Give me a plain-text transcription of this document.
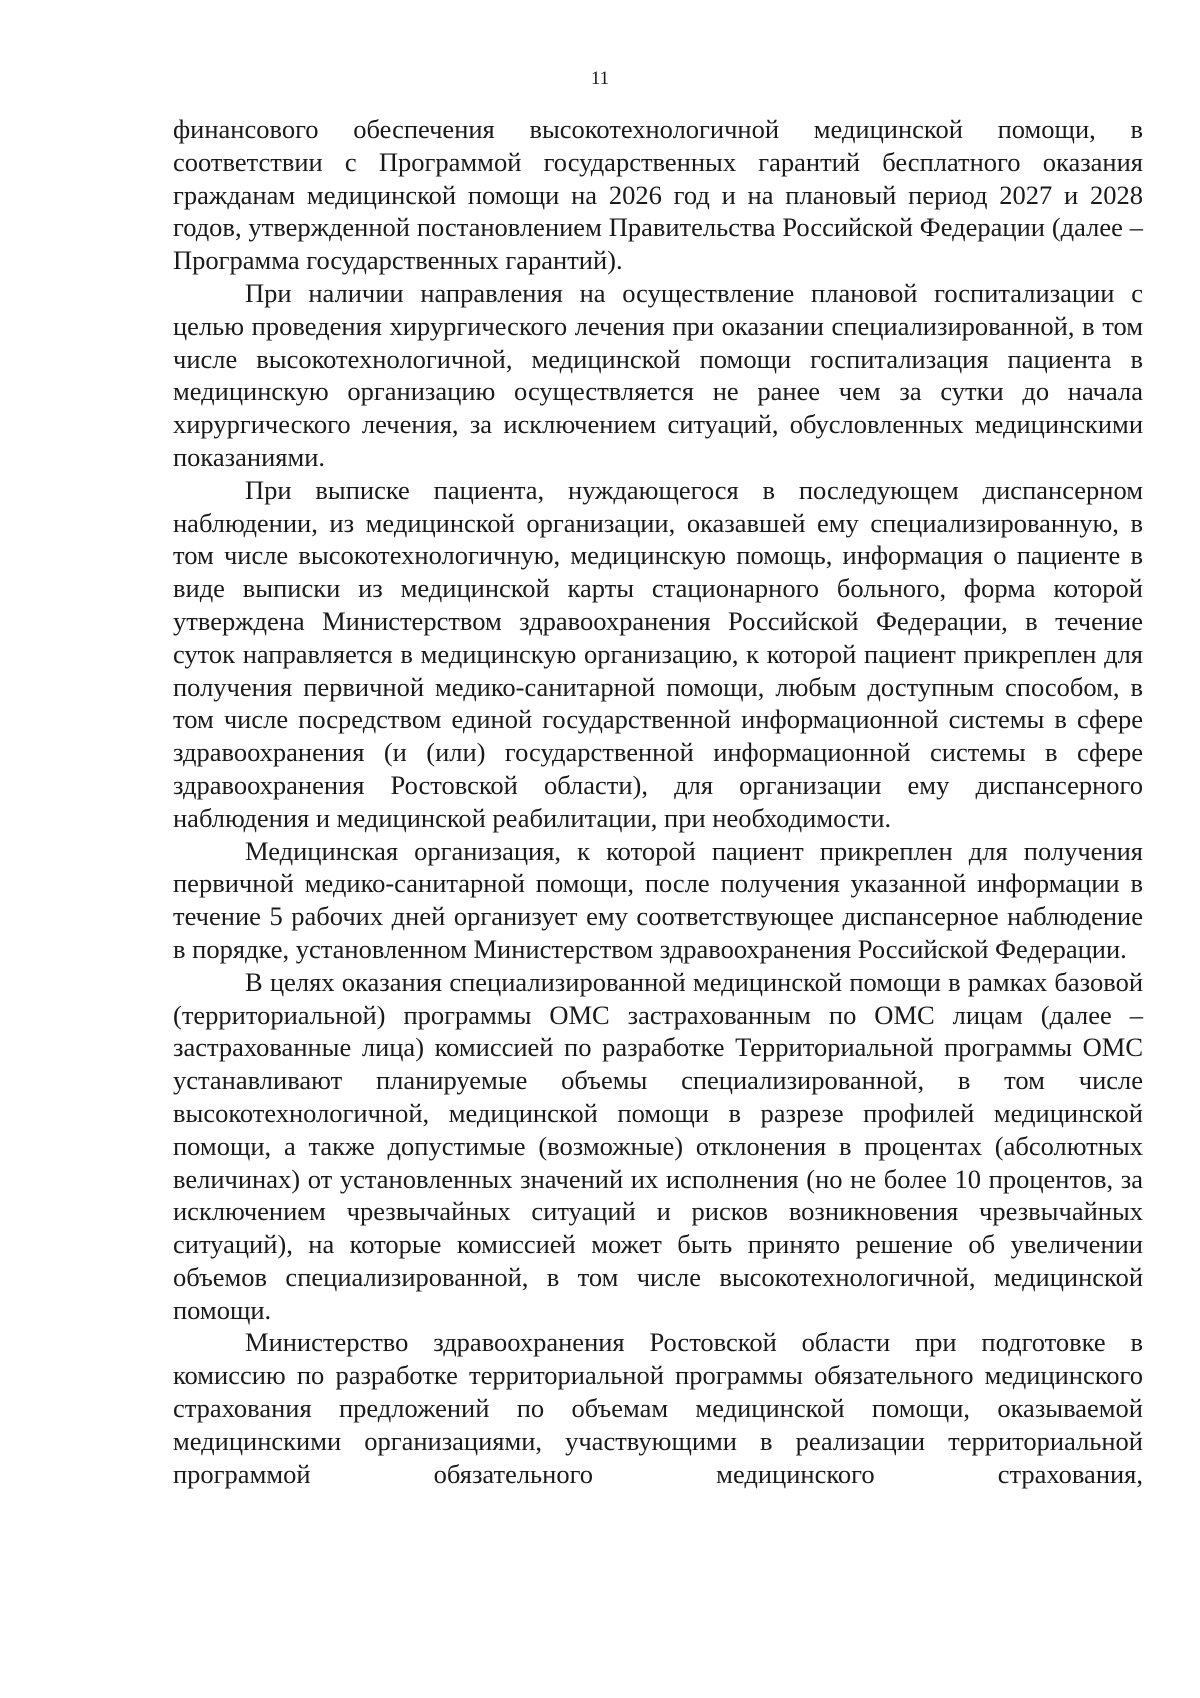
11

финансового обеспечения высокотехнологичной медицинской помощи, в соответствии с Программой государственных гарантий бесплатного оказания гражданам медицинской помощи на 2026 год и на плановый период 2027 и 2028 годов, утвержденной постановлением Правительства Российской Федерации (далее – Программа государственных гарантий).

При наличии направления на осуществление плановой госпитализации с целью проведения хирургического лечения при оказании специализированной, в том числе высокотехнологичной, медицинской помощи госпитализация пациента в медицинскую организацию осуществляется не ранее чем за сутки до начала хирургического лечения, за исключением ситуаций, обусловленных медицинскими показаниями.

При выписке пациента, нуждающегося в последующем диспансерном наблюдении, из медицинской организации, оказавшей ему специализированную, в том числе высокотехнологичную, медицинскую помощь, информация о пациенте в виде выписки из медицинской карты стационарного больного, форма которой утверждена Министерством здравоохранения Российской Федерации, в течение суток направляется в медицинскую организацию, к которой пациент прикреплен для получения первичной медико-санитарной помощи, любым доступным способом, в том числе посредством единой государственной информационной системы в сфере здравоохранения (и (или) государственной информационной системы в сфере здравоохранения Ростовской области), для организации ему диспансерного наблюдения и медицинской реабилитации, при необходимости.

Медицинская организация, к которой пациент прикреплен для получения первичной медико-санитарной помощи, после получения указанной информации в течение 5 рабочих дней организует ему соответствующее диспансерное наблюдение в порядке, установленном Министерством здравоохранения Российской Федерации.

В целях оказания специализированной медицинской помощи в рамках базовой (территориальной) программы ОМС застрахованным по ОМС лицам (далее – застрахованные лица) комиссией по разработке Территориальной программы ОМС устанавливают планируемые объемы специализированной, в том числе высокотехнологичной, медицинской помощи в разрезе профилей медицинской помощи, а также допустимые (возможные) отклонения в процентах (абсолютных величинах) от установленных значений их исполнения (но не более 10 процентов, за исключением чрезвычайных ситуаций и рисков возникновения чрезвычайных ситуаций), на которые комиссией может быть принято решение об увеличении объемов специализированной, в том числе высокотехнологичной, медицинской помощи.

Министерство здравоохранения Ростовской области при подготовке в комиссию по разработке территориальной программы обязательного медицинского страхования предложений по объемам медицинской помощи, оказываемой медицинскими организациями, участвующими в реализации территориальной программой обязательного медицинского страхования,
